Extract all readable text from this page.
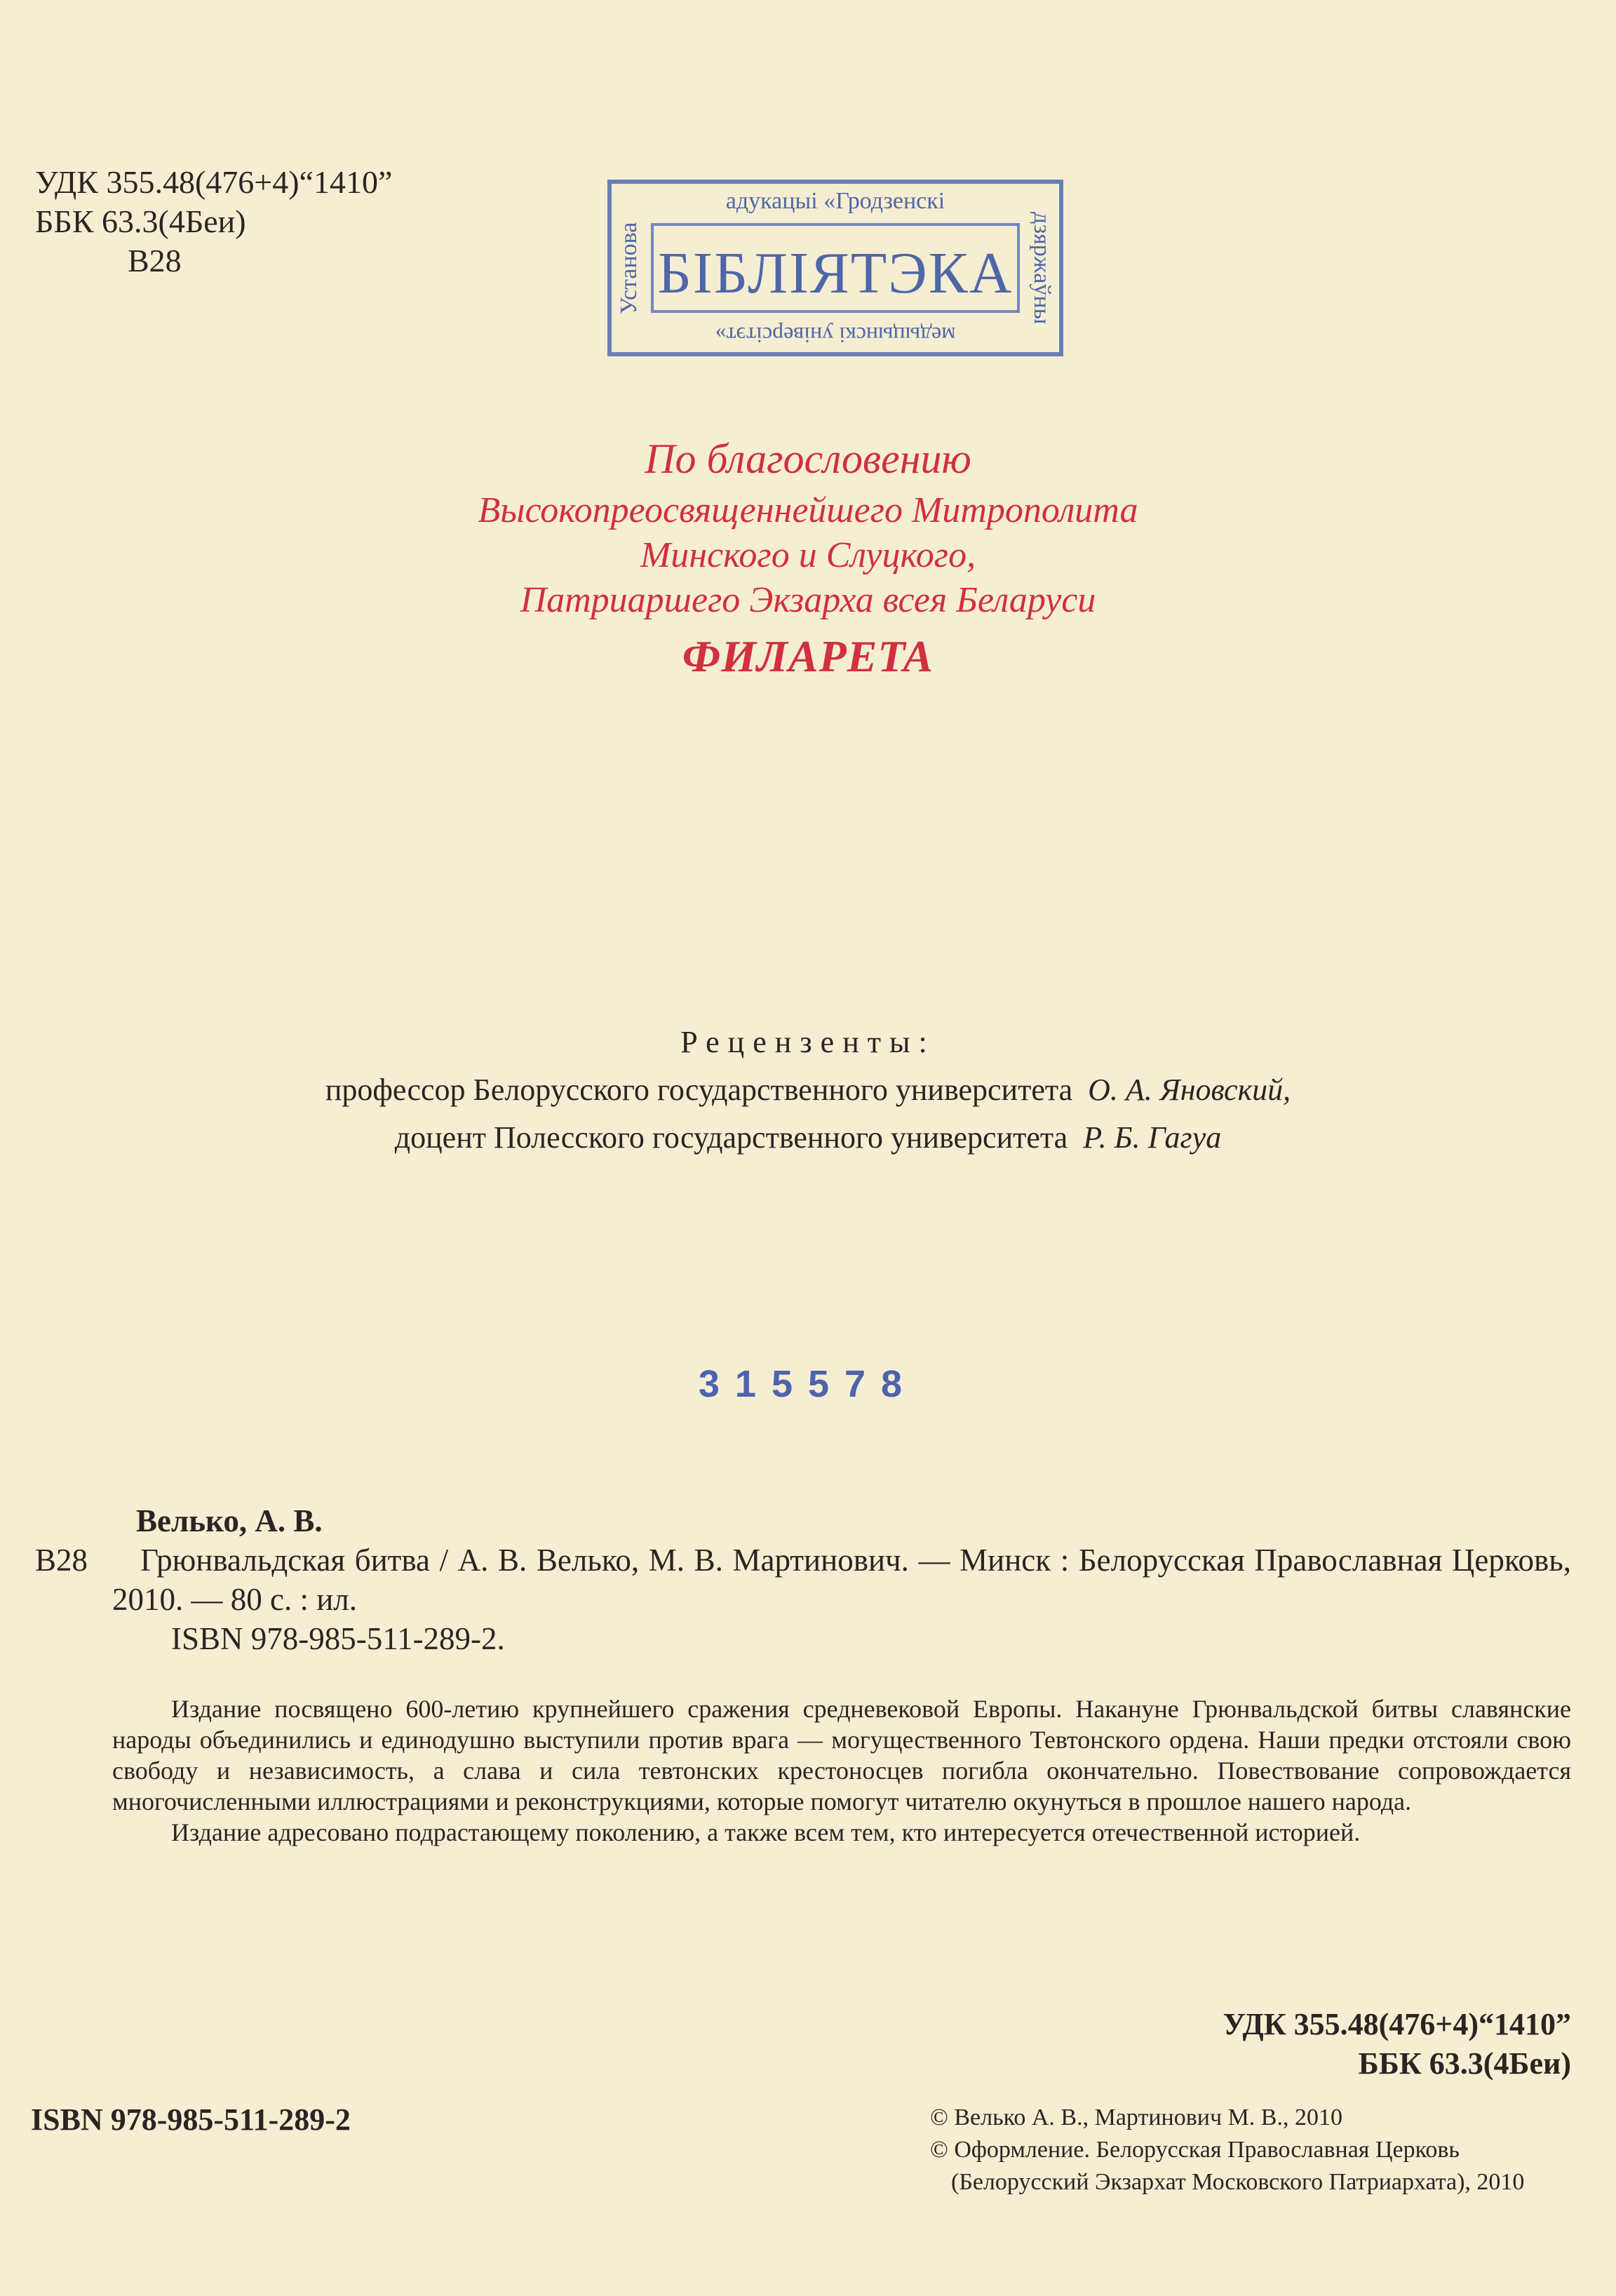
УДК 355.48(476+4)“1410”
ББК 63.3(4Беи)
В28	Установа	дзяржаўны
адукацыі «Гродзенскі
БІБЛІЯТЭКА
медыцынскі універсітэт»
По благословению
Высокопреосвященнейшего Митрополита
Минского и Слуцкого,
Патриаршего Экзарха всея Беларуси
ФИЛАРЕТА
Рецензенты:
профессор Белорусского государственного университета О. А. Яновский,
доцент Полесского государственного университета Р. Б. Гагуа
315578
Велько, А. В.
В28	Грюнвальдская битва / А. В. Велько, М. В. Мартинович. — Минск : Белорусская Православная Церковь, 2010. — 80 с. : ил.
ISBN 978-985-511-289-2.

Издание посвящено 600-летию крупнейшего сражения средневековой Европы. Накануне Грюнвальдской битвы славянские народы объединились и единодушно выступили против врага — могущественного Тевтонского ордена. Наши предки отстояли свою свободу и независимость, а слава и сила тевтонских крестоносцев погибла окончательно. Повествование сопровождается многочисленными иллюстрациями и реконструкциями, которые помогут читателю окунуться в прошлое нашего народа.

Издание адресовано подрастающему поколению, а также всем тем, кто интересуется отечественной историей.

УДК 355.48(476+4)“1410”
ББК 63.3(4Беи)
ISBN 978-985-511-289-2	© Велько А. В., Мартинович М. В., 2010
© Оформление. Белорусская Православная Церковь
(Белорусский Экзархат Московского Патриархата), 2010
